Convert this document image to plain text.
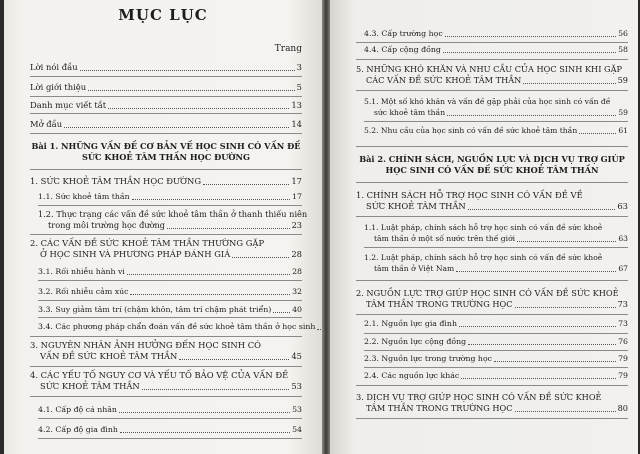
MỤC LỤC
Trang
Lời nói đầu	3
Lời giới thiệu	5
Danh mục viết tắt	13
Mở đầu	14
Bài 1. NHỮNG VẤN ĐỀ CƠ BẢN VỀ HỌC SINH CÓ VẤN ĐỀ
SỨC KHOẺ TÂM THẦN HỌC ĐƯỜNG
1. SỨC KHOẺ TÂM THẦN HỌC ĐƯỜNG	17
1.1. Sức khoẻ tâm thần	17
1.2. Thực trạng các vấn đề sức khoẻ tâm thần ở thanh thiếu niên
trong môi trường học đường	23
2. CÁC VẤN ĐỀ SỨC KHOẺ TÂM THẦN THƯỜNG GẶP
Ở HỌC SINH VÀ PHƯƠNG PHÁP ĐÁNH GIÁ	28
3.1. Rối nhiễu hành vi	28
3.2. Rối nhiễu cảm xúc	32
3.3. Suy giảm tâm trí (chậm khôn, tâm trí chậm phát triển)	40
3.4. Các phương pháp chẩn đoán vấn đề sức khoẻ tâm thần ở học sinh
3. NGUYÊN NHÂN ẢNH HƯỞNG ĐẾN HỌC SINH CÓ
VẤN ĐỀ SỨC KHOẺ TÂM THẦN	45
4. CÁC YẾU TỐ NGUY CƠ VÀ YẾU TỐ BẢO VỆ CỦA VẤN ĐỀ
SỨC KHOẺ TÂM THẦN	53
4.1. Cấp độ cá nhân	53
4.2. Cấp độ gia đình	54
4.3. Cấp trường học	56
4.4. Cấp cộng đồng	58
5. NHỮNG KHÓ KHĂN VÀ NHU CẦU CỦA HỌC SINH KHI GẶP
CÁC VẤN ĐỀ SỨC KHOẺ TÂM THẦN	59
5.1. Một số khó khăn và vấn đề gặp phải của học sinh có vấn đề
sức khoẻ tâm thần	59
5.2. Nhu cầu của học sinh có vấn đề sức khoẻ tâm thần	61
Bài 2. CHÍNH SÁCH, NGUỒN LỰC VÀ DỊCH VỤ TRỢ GIÚP
HỌC SINH CÓ VẤN ĐỀ SỨC KHOẺ TÂM THẦN
1. CHÍNH SÁCH HỖ TRỢ HỌC SINH CÓ VẤN ĐỀ VỀ
SỨC KHOẺ TÂM THẦN	63
1.1. Luật pháp, chính sách hỗ trợ học sinh có vấn đề sức khoẻ
tâm thần ở một số nước trên thế giới	63
1.2. Luật pháp, chính sách hỗ trợ học sinh có vấn đề sức khoẻ
tâm thần ở Việt Nam	67
2. NGUỒN LỰC TRỢ GIÚP HỌC SINH CÓ VẤN ĐỀ SỨC KHOẺ
TÂM THẦN TRONG TRƯỜNG HỌC	73
2.1. Nguồn lực gia đình	73
2.2. Nguồn lực cộng đồng	76
2.3. Nguồn lực trong trường học	79
2.4. Các nguồn lực khác	79
3. DỊCH VỤ TRỢ GIÚP HỌC SINH CÓ VẤN ĐỀ SỨC KHOẺ
TÂM THẦN TRONG TRƯỜNG HỌC	80
